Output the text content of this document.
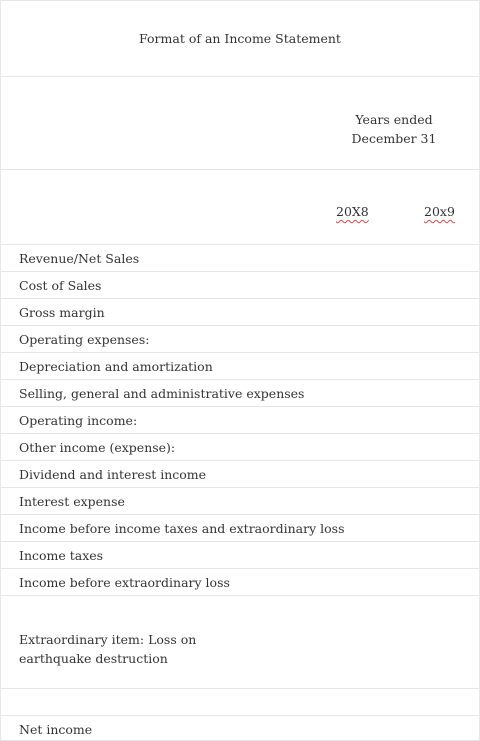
Format of an Income Statement
Years ended December 31
20X8	20x9
Revenue/Net Sales
Cost of Sales
Gross margin
Operating expenses:
Depreciation and amortization
Selling, general and administrative expenses
Operating income:
Other income (expense):
Dividend and interest income
Interest expense
Income before income taxes and extraordinary loss
Income taxes
Income before extraordinary loss
Extraordinary item: Loss on earthquake destruction
Net income
